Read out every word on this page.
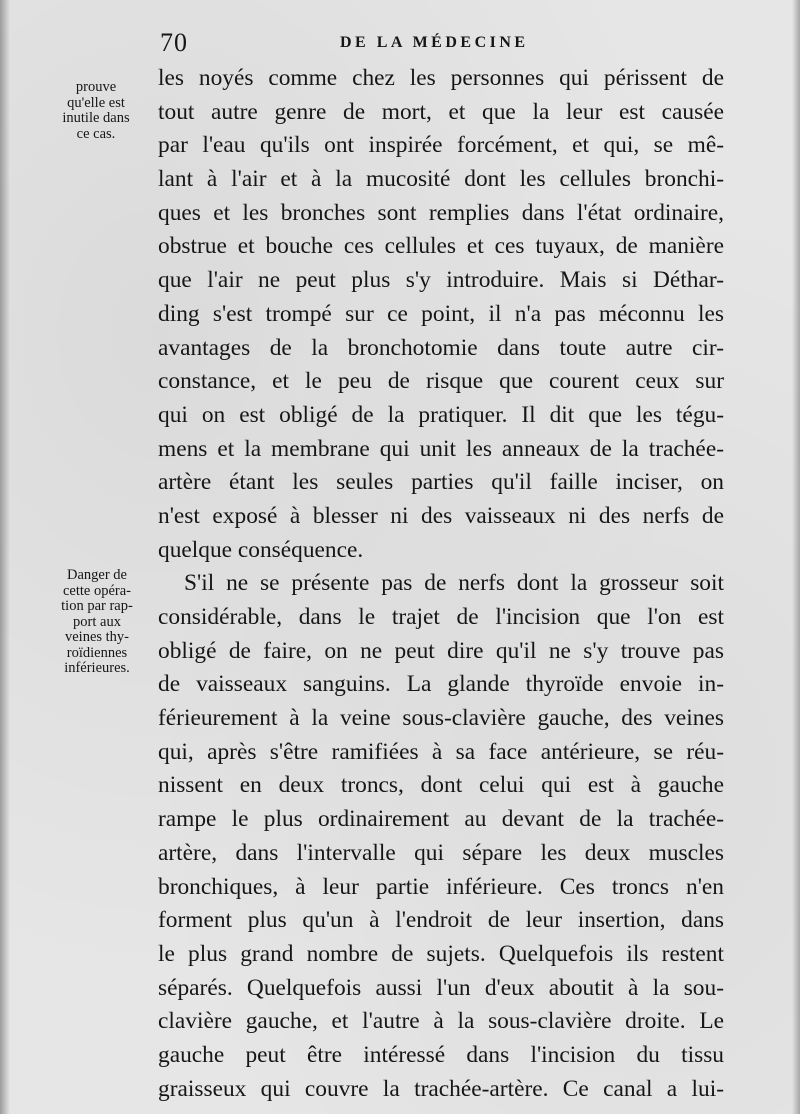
70	DE LA MÉDECINE
prouve
qu'elle est
inutile dans
ce cas.
Danger de
cette opéra-
tion par rap-
port aux
veines thy-
roïdiennes
inférieures.
les noyés comme chez les personnes qui périssent de
tout autre genre de mort, et que la leur est causée
par l'eau qu'ils ont inspirée forcément, et qui, se mê-
lant à l'air et à la mucosité dont les cellules bronchi-
ques et les bronches sont remplies dans l'état ordinaire,
obstrue et bouche ces cellules et ces tuyaux, de manière
que l'air ne peut plus s'y introduire. Mais si Déthar-
ding s'est trompé sur ce point, il n'a pas méconnu les
avantages de la bronchotomie dans toute autre cir-
constance, et le peu de risque que courent ceux sur
qui on est obligé de la pratiquer. Il dit que les tégu-
mens et la membrane qui unit les anneaux de la trachée-
artère étant les seules parties qu'il faille inciser, on
n'est exposé à blesser ni des vaisseaux ni des nerfs de
quelque conséquence.
S'il ne se présente pas de nerfs dont la grosseur soit
considérable, dans le trajet de l'incision que l'on est
obligé de faire, on ne peut dire qu'il ne s'y trouve pas
de vaisseaux sanguins. La glande thyroïde envoie in-
férieurement à la veine sous-clavière gauche, des veines
qui, après s'être ramifiées à sa face antérieure, se réu-
nissent en deux troncs, dont celui qui est à gauche
rampe le plus ordinairement au devant de la trachée-
artère, dans l'intervalle qui sépare les deux muscles
bronchiques, à leur partie inférieure. Ces troncs n'en
forment plus qu'un à l'endroit de leur insertion, dans
le plus grand nombre de sujets. Quelquefois ils restent
séparés. Quelquefois aussi l'un d'eux aboutit à la sou-
clavière gauche, et l'autre à la sous-clavière droite. Le
gauche peut être intéressé dans l'incision du tissu
graisseux qui couvre la trachée-artère. Ce canal a lui-
